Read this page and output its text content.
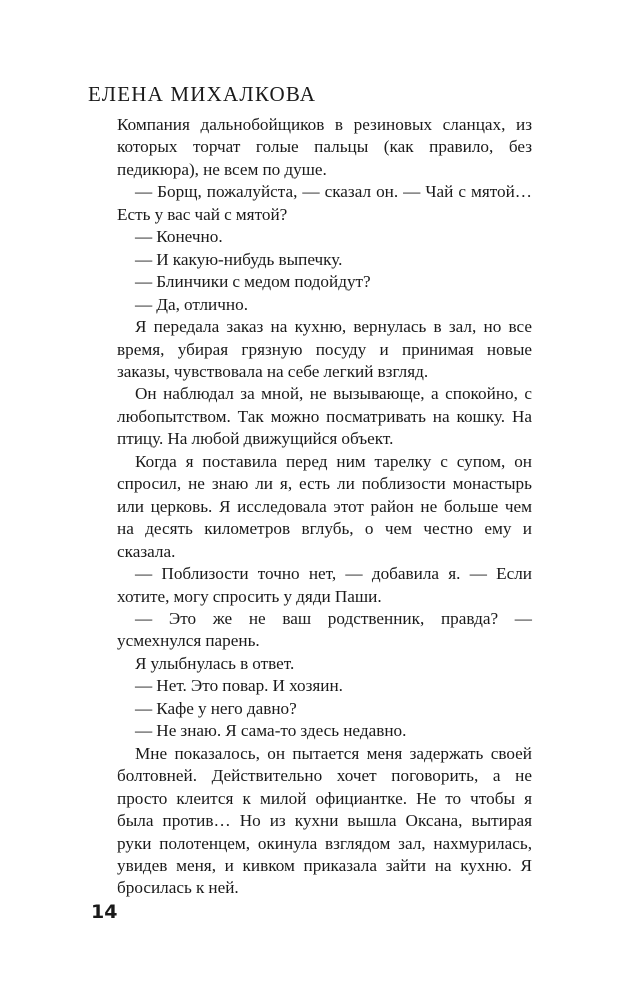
ЕЛЕНА МИХАЛКОВА

Компания дальнобойщиков в резиновых сланцах, из которых торчат голые пальцы (как правило, без педикюра), не всем по душе.

— Борщ, пожалуйста, — сказал он. — Чай с мятой… Есть у вас чай с мятой?

— Конечно.

— И какую-нибудь выпечку.

— Блинчики с медом подойдут?

— Да, отлично.

Я передала заказ на кухню, вернулась в зал, но все время, убирая грязную посуду и принимая новые заказы, чувствовала на себе легкий взгляд.

Он наблюдал за мной, не вызывающе, а спокойно, с любопытством. Так можно посматривать на кошку. На птицу. На любой движущийся объект.

Когда я поставила перед ним тарелку с супом, он спросил, не знаю ли я, есть ли поблизости монастырь или церковь. Я исследовала этот район не больше чем на десять километров вглубь, о чем честно ему и сказала.

— Поблизости точно нет, — добавила я. — Если хотите, могу спросить у дяди Паши.

— Это же не ваш родственник, правда? — усмехнулся парень.

Я улыбнулась в ответ.

— Нет. Это повар. И хозяин.

— Кафе у него давно?

— Не знаю. Я сама-то здесь недавно.

Мне показалось, он пытается меня задержать своей болтовней. Действительно хочет поговорить, а не просто клеится к милой официантке. Не то чтобы я была против… Но из кухни вышла Оксана, вытирая руки полотенцем, окинула взглядом зал, нахмурилась, увидев меня, и кивком приказала зайти на кухню. Я бросилась к ней.

14
